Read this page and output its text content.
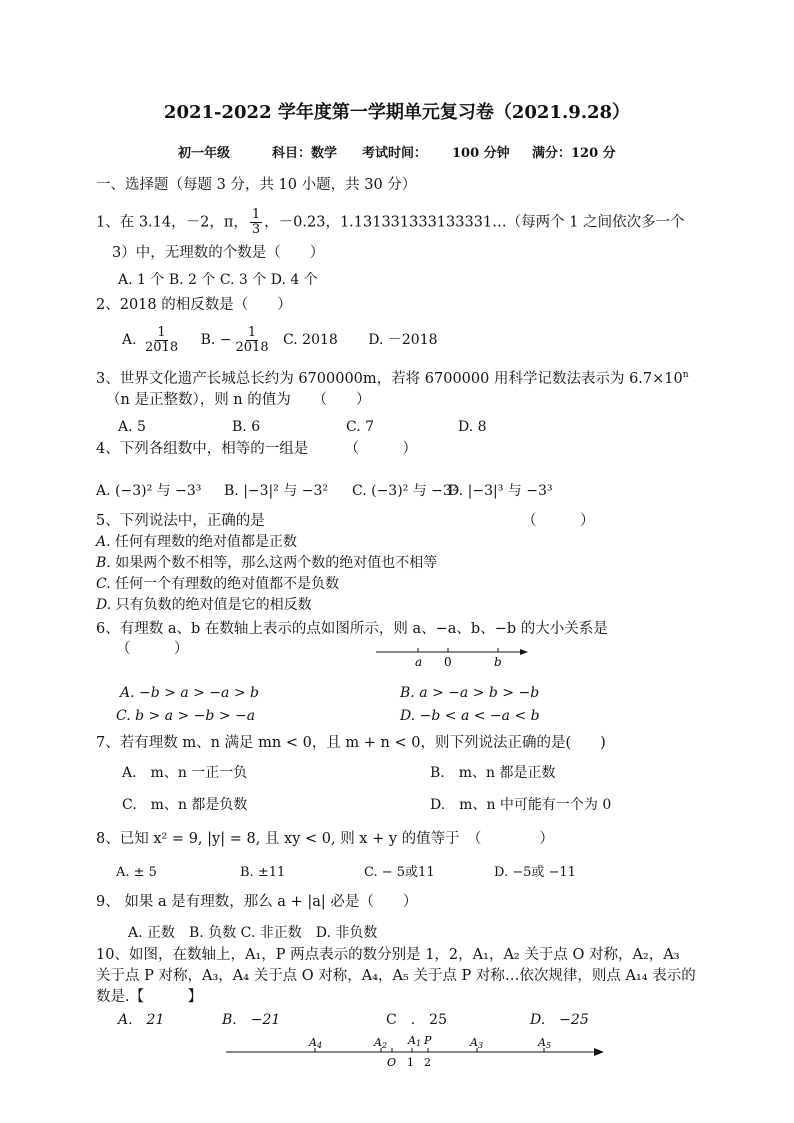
2021-2022 学年度第一学期单元复习卷（2021.9.28）
初一年级	科目：数学 考试时间： 100 分钟 满分：120 分
一、选择题（每题 3 分，共 10 小题，共 30 分）
1、在 3.14，－2，π， $\frac{1}{3}$ ，－0.23，1.131331333133331…（每两个 1 之间依次多一个
3）中，无理数的个数是（　　）
A. 1 个 B. 2 个 C. 3 个 D. 4 个
2、2018 的相反数是（　　）
A. $\frac{1}{2018} B$. − $\frac{1}{2018} C$. 2018 D. －2018
3、世界文化遗产长城总长约为 6700000m，若将 6700000 用科学记数法表示为 $6.7\times 10^n$
（n 是正整数），则 n 的值为　　（　　）
A. 5	B. 6	C. 7	D. 8
4、下列各组数中，相等的一组是　　　（　　　）
A. (−3)² 与 −3³ B. |−3|² 与 −3² C. (−3)² 与 −3²
D. |−3|³ 与 −3³
5、下列说法中，正确的是	（　　　）
A. 任何有理数的绝对值都是正数
B. 如果两个数不相等，那么这两个数的绝对值也不相等
C. 任何一个有理数的绝对值都不是负数
D. 只有负数的绝对值是它的相反数
6、有理数 a、b 在数轴上表示的点如图所示，则 a、−a、b、−b 的大小关系是
（　　　）
a 0	b
A. −b > a > −a > b	B. a > −a > b > −b
C. b > a > −b > −a	D. −b < a < −a < b
7、若有理数 m、n 满足 mn < 0，且 m + n < 0，则下列说法正确的是(　　)
A.　m、n 一正一负	B.　m、n 都是正数
C.　m、n 都是负数	D.　m、n 中可能有一个为 0
8、已知 x² = 9, |y| = 8, 且 xy < 0, 则 x + y 的值等于　（　　　　）
A. ± 5	B. ±11	C. − 5或11	D. −5或 −11
9、 如果 a 是有理数，那么 a + |a| 必是（　　）
A. 正数　B. 负数 C. 非正数　D. 非负数
10、如图，在数轴上，A₁，P 两点表示的数分别是 1，2，A₁，A₂ 关于点 O 对称，A₂，A₃
关于点 P 对称，A₃，A₄ 关于点 O 对称，A₄，A₅ 关于点 P 对称…依次规律，则点 A₁₄ 表示的
数是.【　　　】
A.　21	B.　−21	C　.　25	D.　−25
A4	A2 A1 P	A3	A5
O 1 2
